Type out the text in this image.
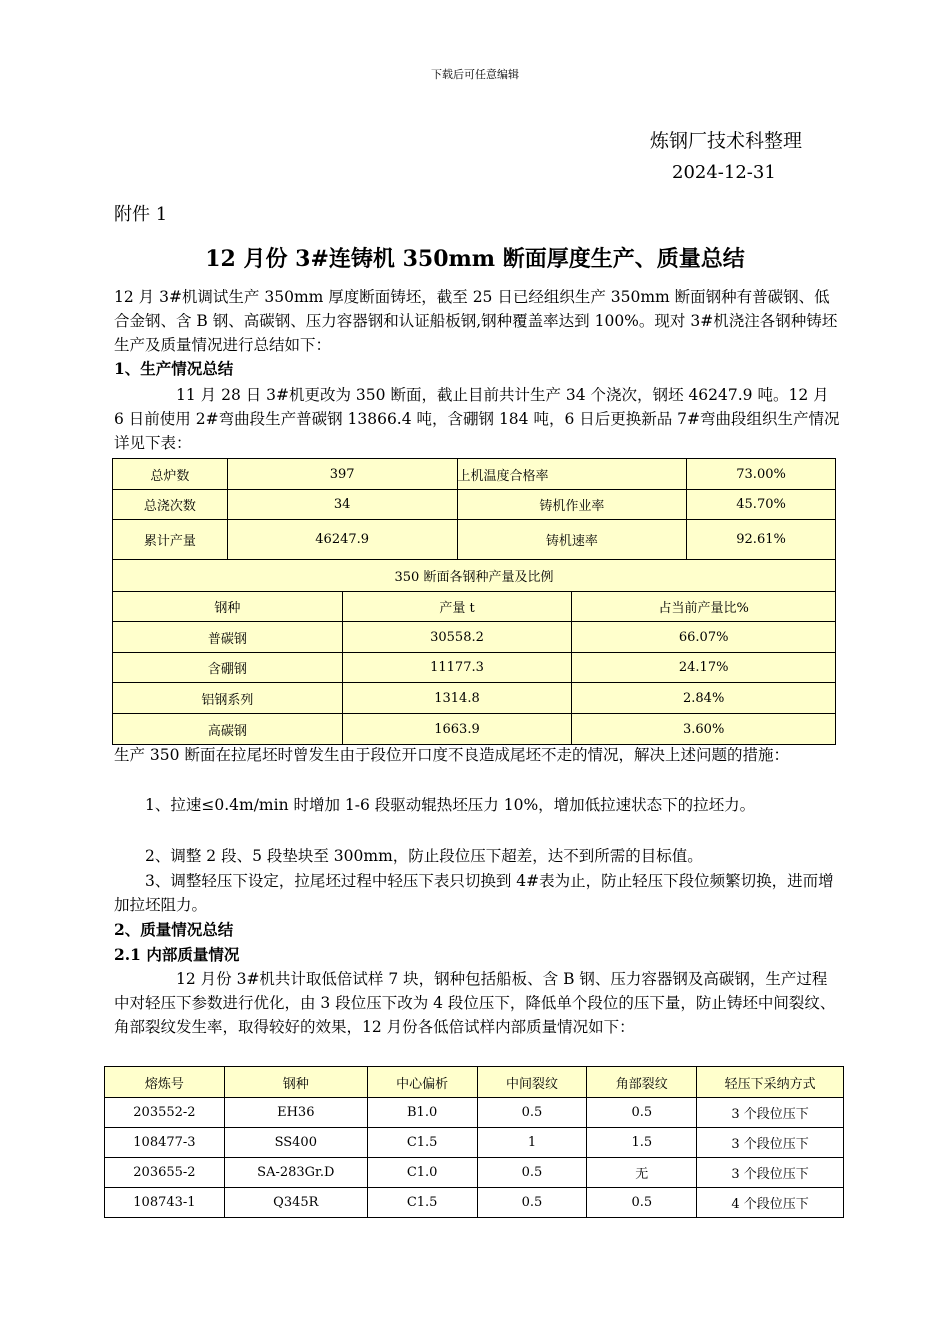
下载后可任意编辑
炼钢厂技术科整理
2024-12-31
附件 1
12 月份 3#连铸机 350mm 断面厚度生产、质量总结
12 月 3#机调试生产 350mm 厚度断面铸坯，截至 25 日已经组织生产 350mm 断面钢种有普碳钢、低合金钢、含 B 钢、高碳钢、压力容器钢和认证船板钢,钢种覆盖率达到 100%。现对 3#机浇注各钢种铸坯生产及质量情况进行总结如下：
1、生产情况总结
11 月 28 日 3#机更改为 350 断面，截止目前共计生产 34 个浇次，钢坯 46247.9 吨。12 月 6 日前使用 2#弯曲段生产普碳钢 13866.4 吨，含硼钢 184 吨，6 日后更换新品 7#弯曲段组织生产情况详见下表：
总炉数	397		上机温度合格率		73.00%
总浇次数	34		铸机作业率		45.70%
累计产量	46247.9		铸机速率		92.61%
350 断面各钢种产量及比例					
钢种		产量 t		占当前产量比%	
普碳钢		30558.2		66.07%	
含硼钢		11177.3		24.17%	
铝钢系列		1314.8		2.84%	
高碳钢		1663.9		3.60%	
生产 350 断面在拉尾坯时曾发生由于段位开口度不良造成尾坯不走的情况，解决上述问题的措施：
1、拉速≤0.4m/min 时增加 1-6 段驱动辊热坯压力 10%，增加低拉速状态下的拉坯力。
2、调整 2 段、5 段垫块至 300mm，防止段位压下超差，达不到所需的目标值。
3、调整轻压下设定，拉尾坯过程中轻压下表只切换到 4#表为止，防止轻压下段位频繁切换，进而增加拉坯阻力。
2、质量情况总结
2.1 内部质量情况
12 月份 3#机共计取低倍试样 7 块，钢种包括船板、含 B 钢、压力容器钢及高碳钢，生产过程中对轻压下参数进行优化，由 3 段位压下改为 4 段位压下，降低单个段位的压下量，防止铸坯中间裂纹、角部裂纹发生率，取得较好的效果，12 月份各低倍试样内部质量情况如下：
熔炼号	钢种	中心偏析	中间裂纹	角部裂纹	轻压下采纳方式
203552-2	EH36	B1.0	0.5	0.5	3 个段位压下
108477-3	SS400	C1.5	1	1.5	3 个段位压下
203655-2	SA-283Gr.D	C1.0	0.5	无	3 个段位压下
108743-1	Q345R	C1.5	0.5	0.5	4 个段位压下
